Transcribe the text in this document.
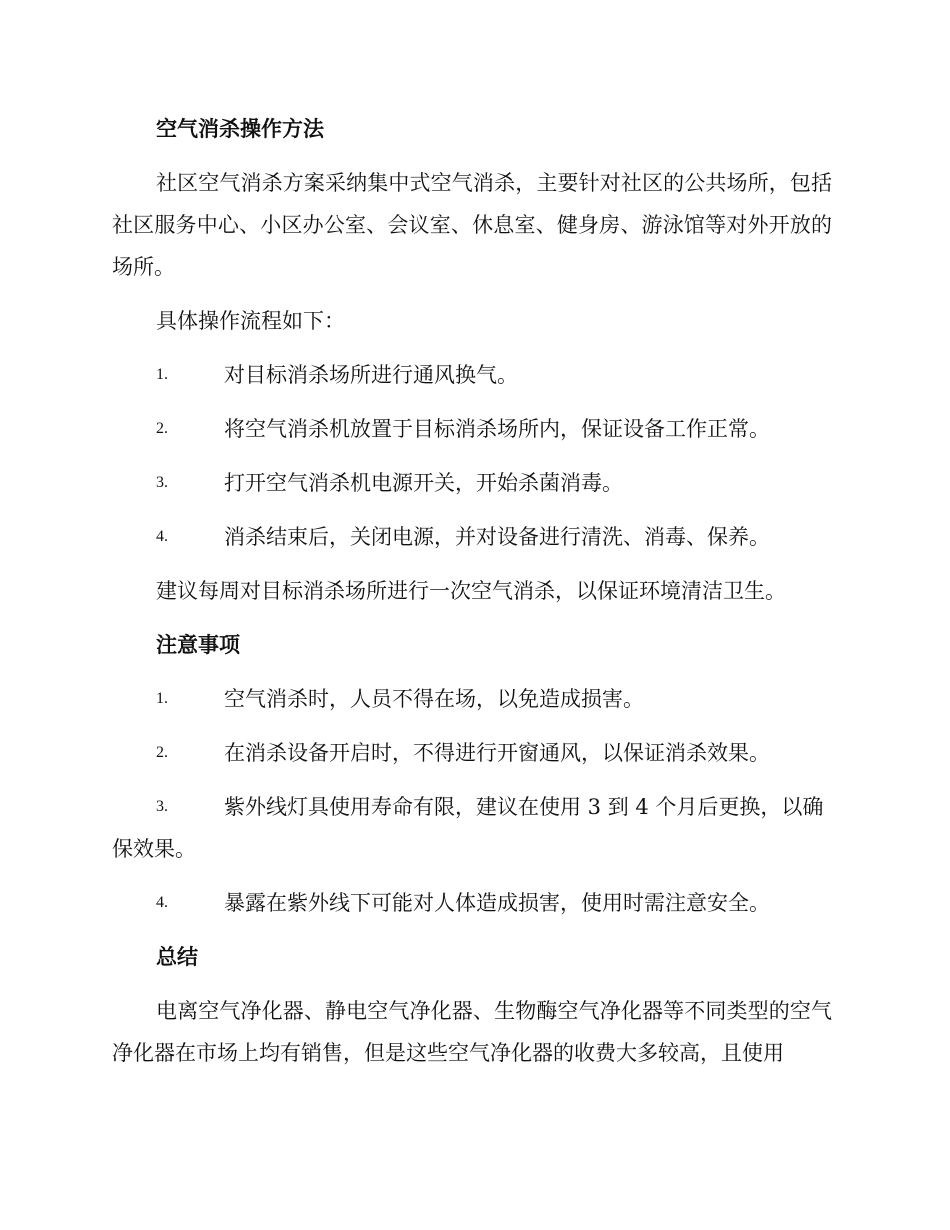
空气消杀操作方法
社区空气消杀方案采纳集中式空气消杀，主要针对社区的公共场所，包括社区服务中心、小区办公室、会议室、休息室、健身房、游泳馆等对外开放的场所。
具体操作流程如下：
1.	对目标消杀场所进行通风换气。
2.	将空气消杀机放置于目标消杀场所内，保证设备工作正常。
3.	打开空气消杀机电源开关，开始杀菌消毒。
4.	消杀结束后，关闭电源，并对设备进行清洗、消毒、保养。
建议每周对目标消杀场所进行一次空气消杀，以保证环境清洁卫生。
注意事项
1.	空气消杀时，人员不得在场，以免造成损害。
2.	在消杀设备开启时，不得进行开窗通风，以保证消杀效果。
3.	紫外线灯具使用寿命有限，建议在使用 3 到 4 个月后更换，以确保效果。
4.	暴露在紫外线下可能对人体造成损害，使用时需注意安全。
总结
电离空气净化器、静电空气净化器、生物酶空气净化器等不同类型的空气净化器在市场上均有销售，但是这些空气净化器的收费大多较高，且使用
